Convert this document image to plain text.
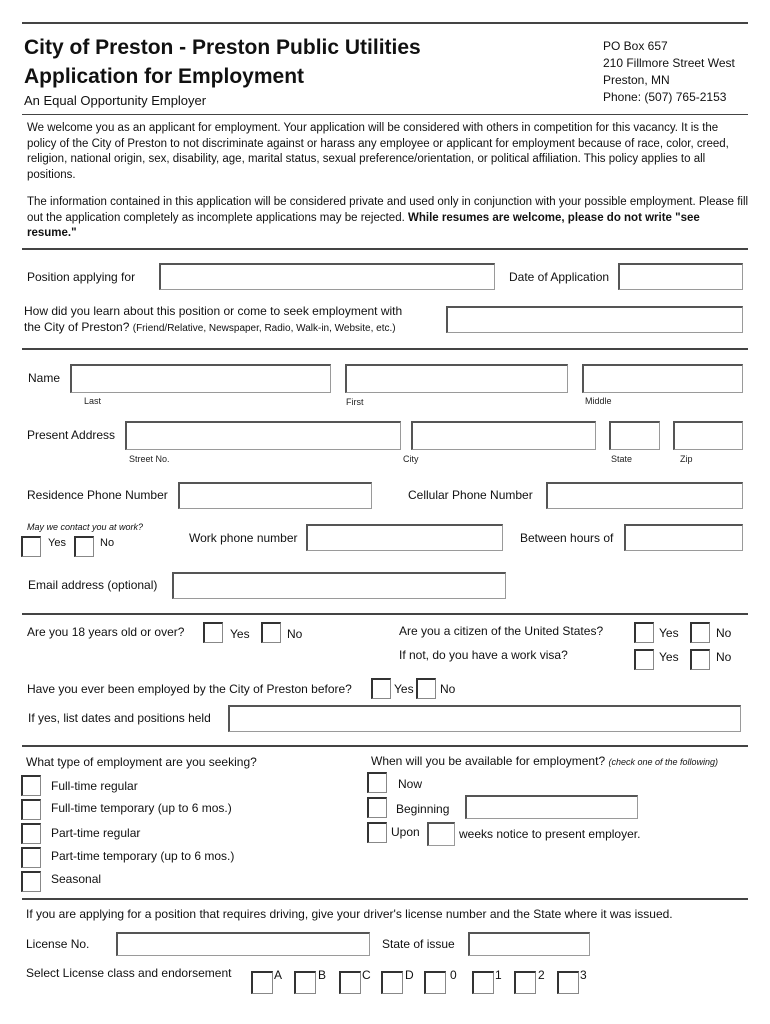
City of Preston - Preston Public Utilities
Application for Employment
An Equal Opportunity Employer
PO Box 657
210 Fillmore Street West
Preston, MN
Phone: (507) 765-2153

We welcome you as an applicant for employment. Your application will be considered with others in competition for this vacancy. It is the policy of the City of Preston to not discriminate against or harass any employee or applicant for employment because of race, color, creed, religion, national origin, sex, disability, age, marital status, sexual preference/orientation, or political affiliation. This policy applies to all positions.

The information contained in this application will be considered private and used only in conjunction with your possible employment. Please fill out the application completely as incomplete applications may be rejected. While resumes are welcome, please do not write "see resume."

Position applying for	Date of Application
How did you learn about this position or come to seek employment with
the City of Preston? (Friend/Relative, Newspaper, Radio, Walk-in, Website, etc.)
Name
Last	First	Middle
Present Address
Street No.	City	State	Zip
Residence Phone Number	Cellular Phone Number
May we contact you at work?
Yes	No	Work phone number	Between hours of
Email address (optional)
Are you 18 years old or over?	Yes	No	Are you a citizen of the United States?	Yes	No
If not, do you have a work visa?	Yes	No
Have you ever been employed by the City of Preston before?	Yes No
If yes, list dates and positions held
What type of employment are you seeking?
Full-time regular
Full-time temporary (up to 6 mos.)
Part-time regular
Part-time temporary (up to 6 mos.)
Seasonal
When will you be available for employment? (check one of the following)
Now
Beginning
Upon	weeks notice to present employer.
If you are applying for a position that requires driving, give your driver's license number and the State where it was issued.
License No.	State of issue
Select License class and endorsement	A	B	C	D	0	1	2	3
